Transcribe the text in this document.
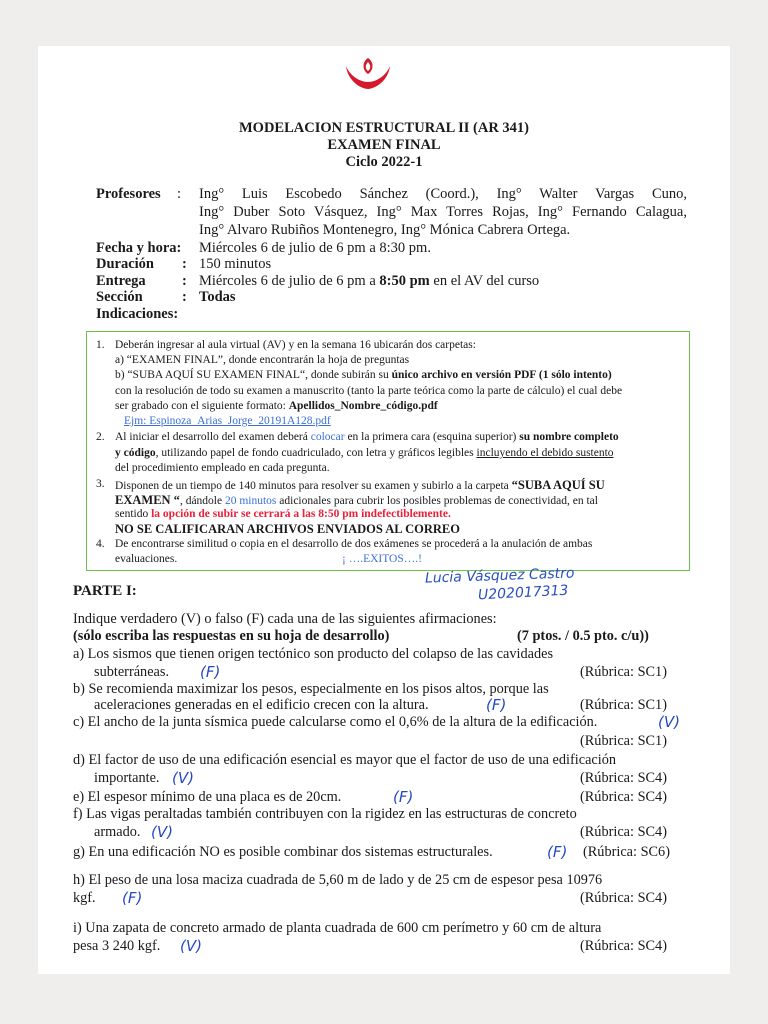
MODELACION ESTRUCTURAL II (AR 341)
EXAMEN FINAL
Ciclo 2022-1
Profesores : Ing° Luis Escobedo Sánchez (Coord.), Ing° Walter Vargas Cuno,
Ing° Duber Soto Vásquez, Ing° Max Torres Rojas, Ing° Fernando Calagua,
Ing° Alvaro Rubiños Montenegro, Ing° Mónica Cabrera Ortega.
Fecha y hora: Miércoles 6 de julio de 6 pm a 8:30 pm.
Duración : 150 minutos
Entrega	: Miércoles 6 de julio de 6 pm a 8:50 pm en el AV del curso
Sección	: Todas
Indicaciones:
1. Deberán ingresar al aula virtual (AV) y en la semana 16 ubicarán dos carpetas:
a) “EXAMEN FINAL”, donde encontrarán la hoja de preguntas
b) “SUBA AQUÍ SU EXAMEN FINAL“, donde subirán su único archivo en versión PDF (1 sólo intento)
con la resolución de todo su examen a manuscrito (tanto la parte teórica como la parte de cálculo) el cual debe
ser grabado con el siguiente formato: Apellidos_Nombre_código.pdf
Ejm: Espinoza_Arias_Jorge_20191A128.pdf
2. Al iniciar el desarrollo del examen deberá colocar en la primera cara (esquina superior) su nombre completo
y código, utilizando papel de fondo cuadriculado, con letra y gráficos legibles incluyendo el debido sustento
del procedimiento empleado en cada pregunta.
3. Disponen de un tiempo de 140 minutos para resolver su examen y subirlo a la carpeta “SUBA AQUÍ SU
EXAMEN “, dándole 20 minutos adicionales para cubrir los posibles problemas de conectividad, en tal
sentido la opción de subir se cerrará a las 8:50 pm indefectiblemente.
NO SE CALIFICARAN ARCHIVOS ENVIADOS AL CORREO
4. De encontrarse similitud o copia en el desarrollo de dos exámenes se procederá a la anulación de ambas
evaluaciones.	¡ ….EXITOS….!
PARTE I:
Lucia Vásquez Castro
U202017313
Indique verdadero (V) o falso (F) cada una de las siguientes afirmaciones:
(sólo escriba las respuestas en su hoja de desarrollo)	(7 ptos. / 0.5 pto. c/u))
a) Los sismos que tienen origen tectónico son producto del colapso de las cavidades
subterráneas. (F)	(Rúbrica: SC1)
b) Se recomienda maximizar los pesos, especialmente en los pisos altos, porque las
aceleraciones generadas en el edificio crecen con la altura.	(F)	(Rúbrica: SC1)
c) El ancho de la junta sísmica puede calcularse como el 0,6% de la altura de la edificación.	(V)
(Rúbrica: SC1)
d) El factor de uso de una edificación esencial es mayor que el factor de uso de una edificación
importante. (V)	(Rúbrica: SC4)
e) El espesor mínimo de una placa es de 20cm.	(F)	(Rúbrica: SC4)
f) Las vigas peraltadas también contribuyen con la rigidez en las estructuras de concreto
armado. (V)	(Rúbrica: SC4)
g) En una edificación NO es posible combinar dos sistemas estructurales.	(F) (Rúbrica: SC6)
h) El peso de una losa maciza cuadrada de 5,60 m de lado y de 25 cm de espesor pesa 10976
kgf. (F)	(Rúbrica: SC4)
i) Una zapata de concreto armado de planta cuadrada de 600 cm perímetro y 60 cm de altura
pesa 3 240 kgf. (V)	(Rúbrica: SC4)
